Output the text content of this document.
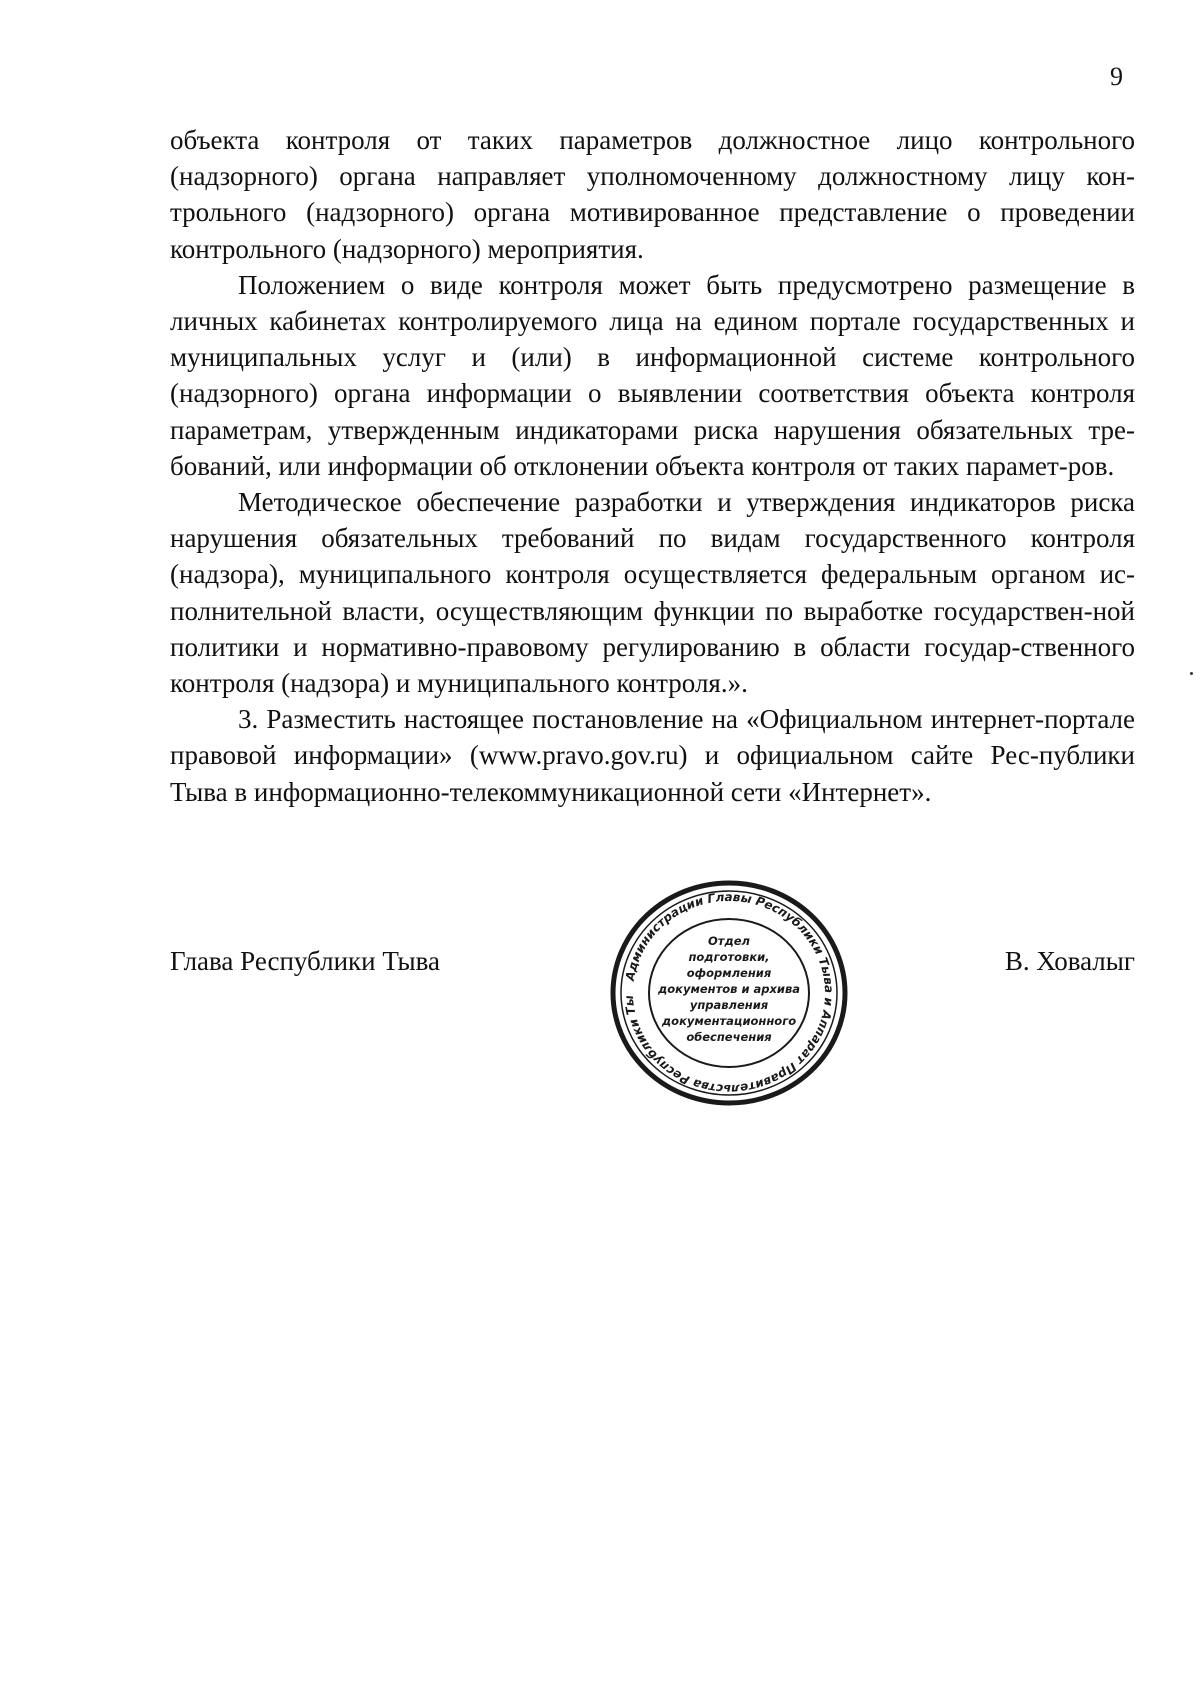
9

объекта контроля от таких параметров должностное лицо контрольного (надзорного) органа направляет уполномоченному должностному лицу кон-трольного (надзорного) органа мотивированное представление о проведении контрольного (надзорного) мероприятия.

Положением о виде контроля может быть предусмотрено размещение в личных кабинетах контролируемого лица на едином портале государственных и муниципальных услуг и (или) в информационной системе контрольного (надзорного) органа информации о выявлении соответствия объекта контроля параметрам, утвержденным индикаторами риска нарушения обязательных тре-бований, или информации об отклонении объекта контроля от таких парамет-ров.

Методическое обеспечение разработки и утверждения индикаторов риска нарушения обязательных требований по видам государственного контроля (надзора), муниципального контроля осуществляется федеральным органом ис-полнительной власти, осуществляющим функции по выработке государствен-ной политики и нормативно-правовому регулированию в области государ-ственного контроля (надзора) и муниципального контроля.».

3. Разместить настоящее постановление на «Официальном интернет-портале правовой информации» (www.pravo.gov.ru) и официальном сайте Рес-публики Тыва в информационно-телекоммуникационной сети «Интернет».

Глава Республики Тыва	Администрации Главы Республики Тыва и Аппарат Правительства Республики Ты
Отдел
подготовки,
оформления
документов и архива
управления
документационного
обеспечения
В. Ховалыг
